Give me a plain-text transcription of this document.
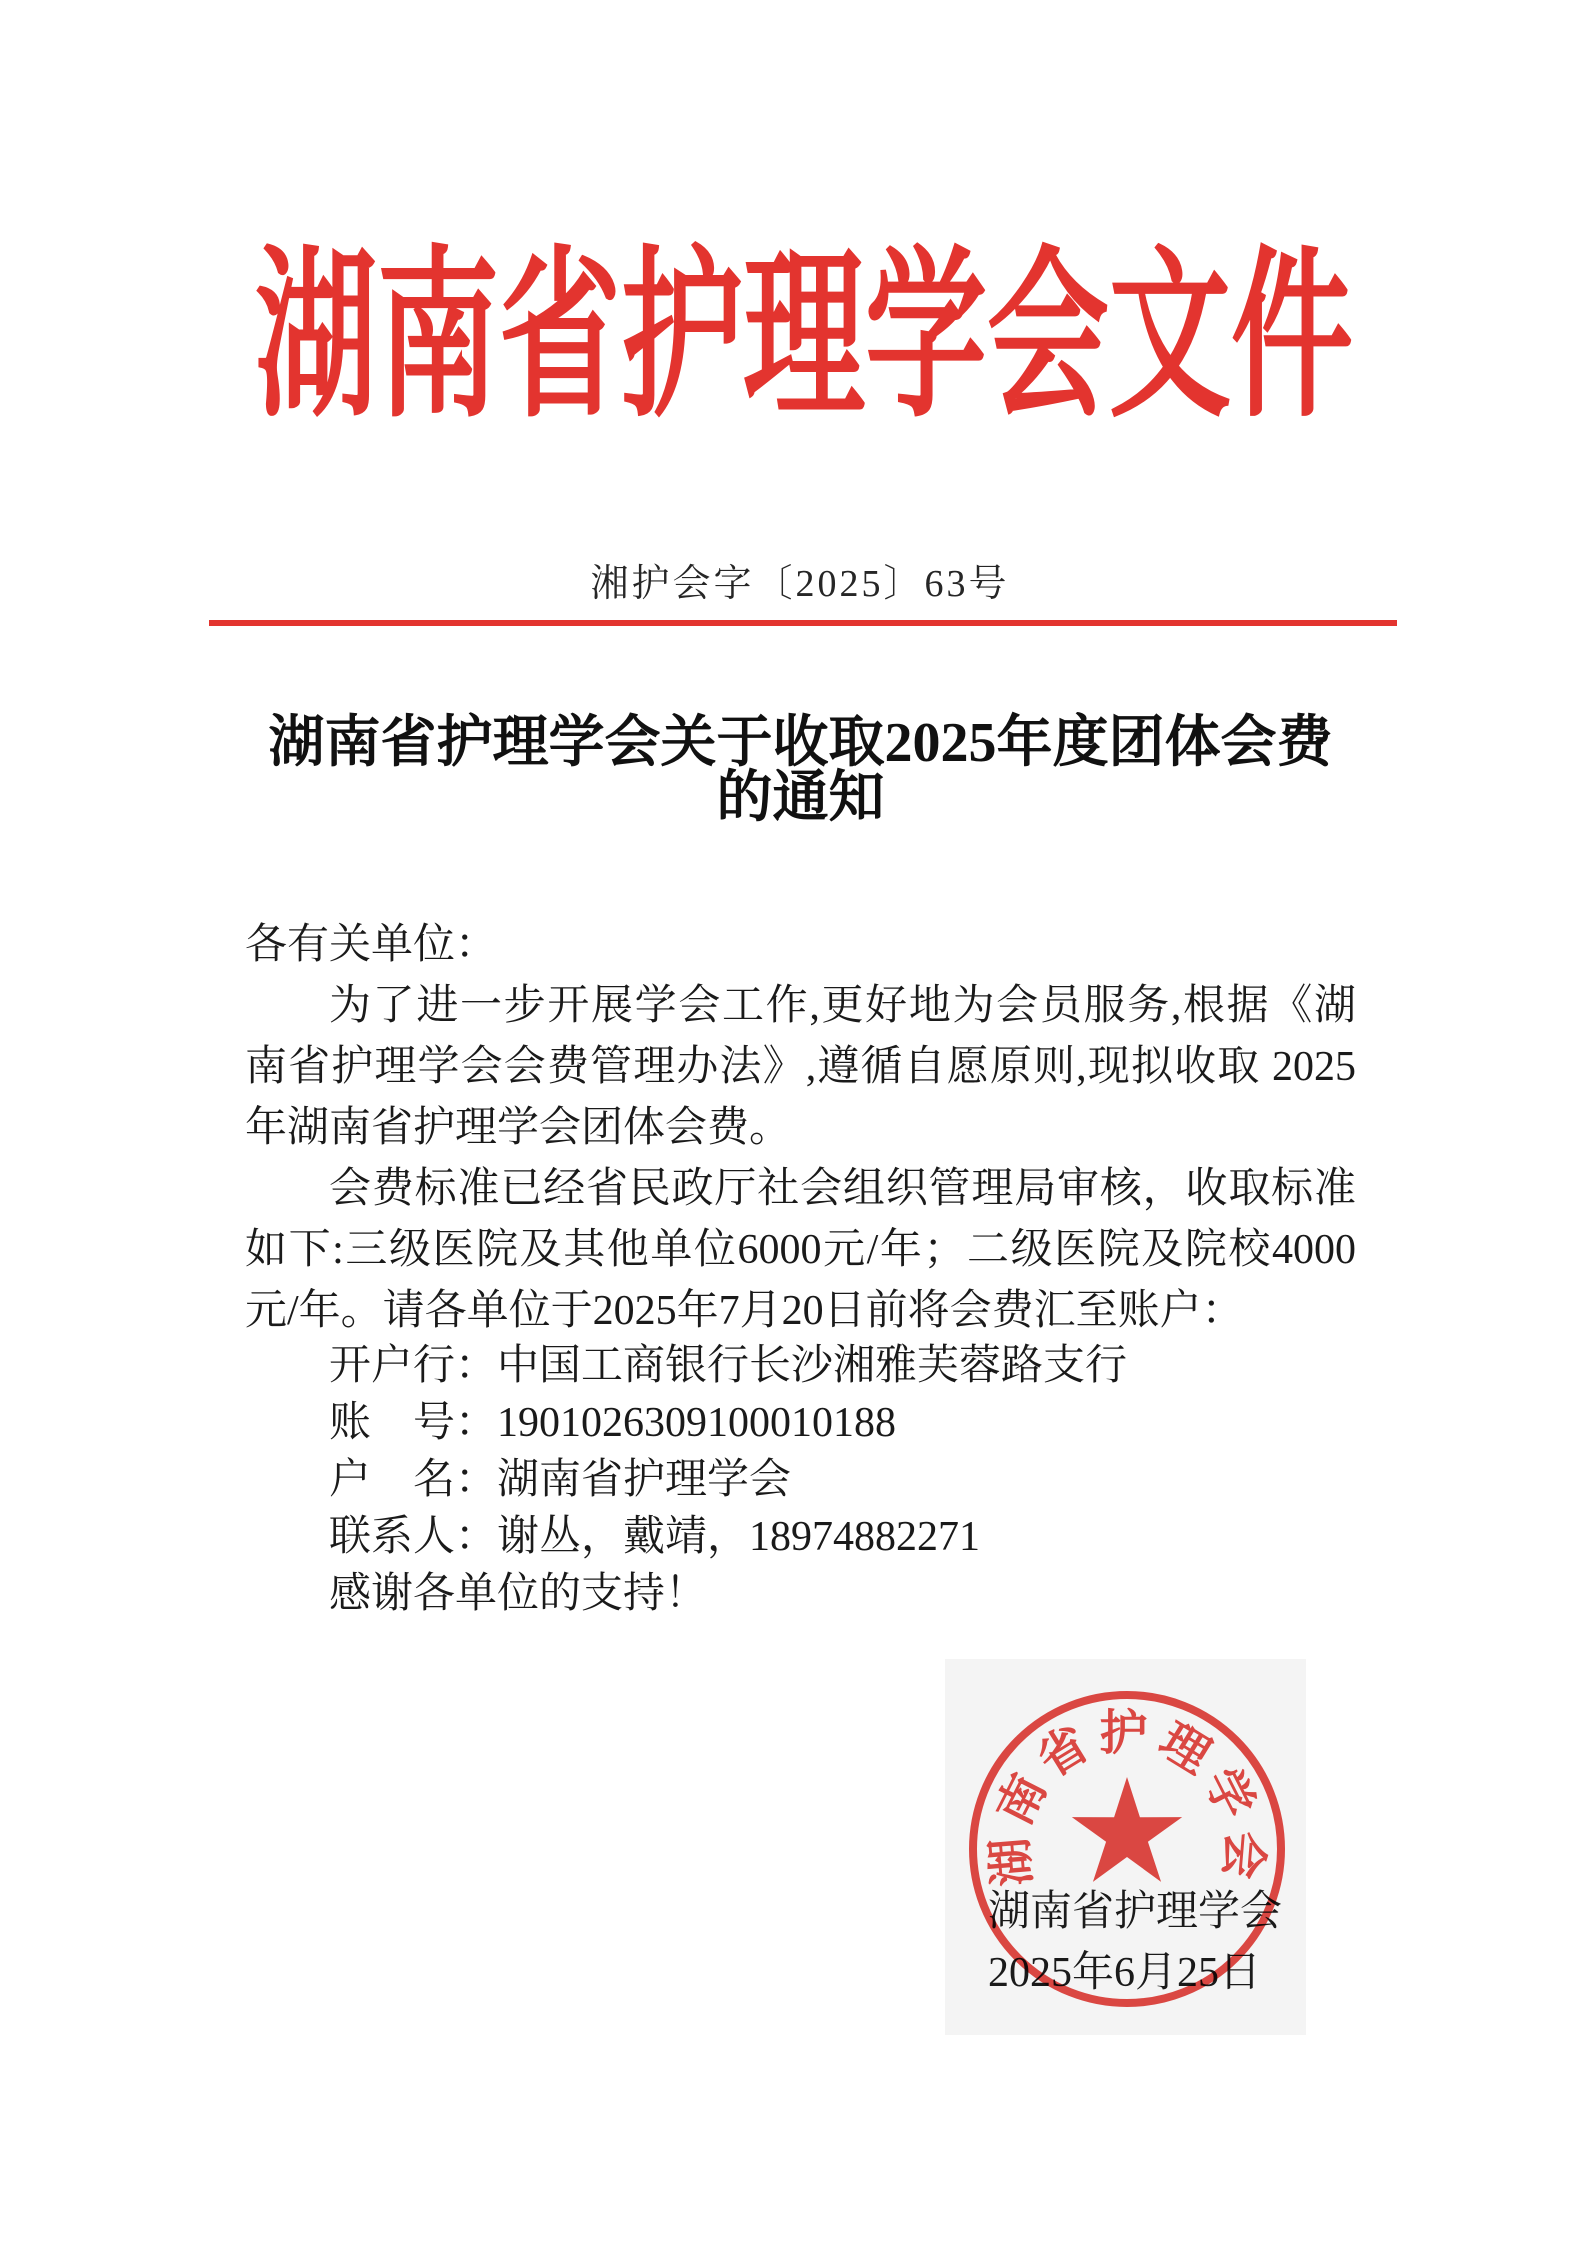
湖南省护理学会文件
湘护会字〔2025〕63号
湖南省护理学会关于收取2025年度团体会费
的通知
各有关单位：
为了进一步开展学会工作,更好地为会员服务,根据《湖
南省护理学会会费管理办法》,遵循自愿原则,现拟收取 2025
年湖南省护理学会团体会费。
会费标准已经省民政厅社会组织管理局审核，收取标准
如下:三级医院及其他单位6000元/年；二级医院及院校4000
元/年。请各单位于2025年7月20日前将会费汇至账户：
开户行：中国工商银行长沙湘雅芙蓉路支行
账　号：1901026309100010188
户　名：湖南省护理学会
联系人：谢丛，戴靖，18974882271
感谢各单位的支持！
湖南省护理学会
2025年6月25日
湖南省护理学会
